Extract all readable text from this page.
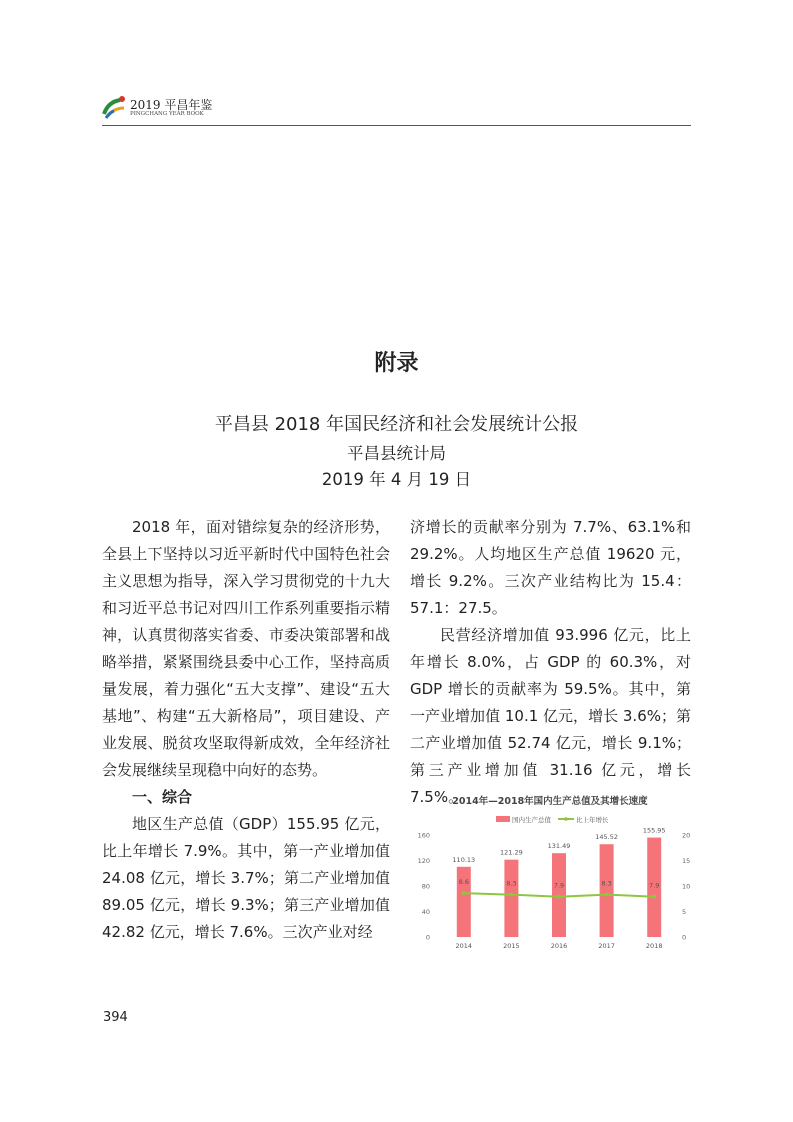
2019 平昌年鉴
PINGCHANG YEAR BOOK
附录
平昌县 2018 年国民经济和社会发展统计公报
平昌县统计局
2019 年 4 月 19 日

2018 年，面对错综复杂的经济形势，全县上下坚持以习近平新时代中国特色社会主义思想为指导，深入学习贯彻党的十九大和习近平总书记对四川工作系列重要指示精神，认真贯彻落实省委、市委决策部署和战略举措，紧紧围绕县委中心工作，坚持高质量发展，着力强化“五大支撑”、建设“五大基地”、构建“五大新格局”，项目建设、产业发展、脱贫攻坚取得新成效，全年经济社会发展继续呈现稳中向好的态势。

一、综合

地区生产总值（GDP）155.95 亿元，比上年增长 7.9%。其中，第一产业增加值 24.08 亿元，增长 3.7%；第二产业增加值 89.05 亿元，增长 9.3%；第三产业增加值 42.82 亿元，增长 7.6%。三次产业对经

济增长的贡献率分别为 7.7%、63.1%和 29.2%。人均地区生产总值 19620 元，增长 9.2%。三次产业结构比为 15.4：57.1：27.5。

民营经济增加值 93.996 亿元，比上年增长 8.0%，占 GDP 的 60.3%，对 GDP 增长的贡献率为 59.5%。其中，第一产业增加值 10.1 亿元，增长 3.6%；第二产业增加值 52.74 亿元，增长 9.1%；第三产业增加值 31.16 亿元，增长 7.5%。

2014年—2018年国内生产总值及其增长速度
国内生产总值	比上年增长
0
40
80
120
160
0
5
10
15
20
2014	2015	2016	2017	2018
110.13
121.29
131.49
145.52
155.95
8.6	8.3	7.9	8.3	7.9
394
